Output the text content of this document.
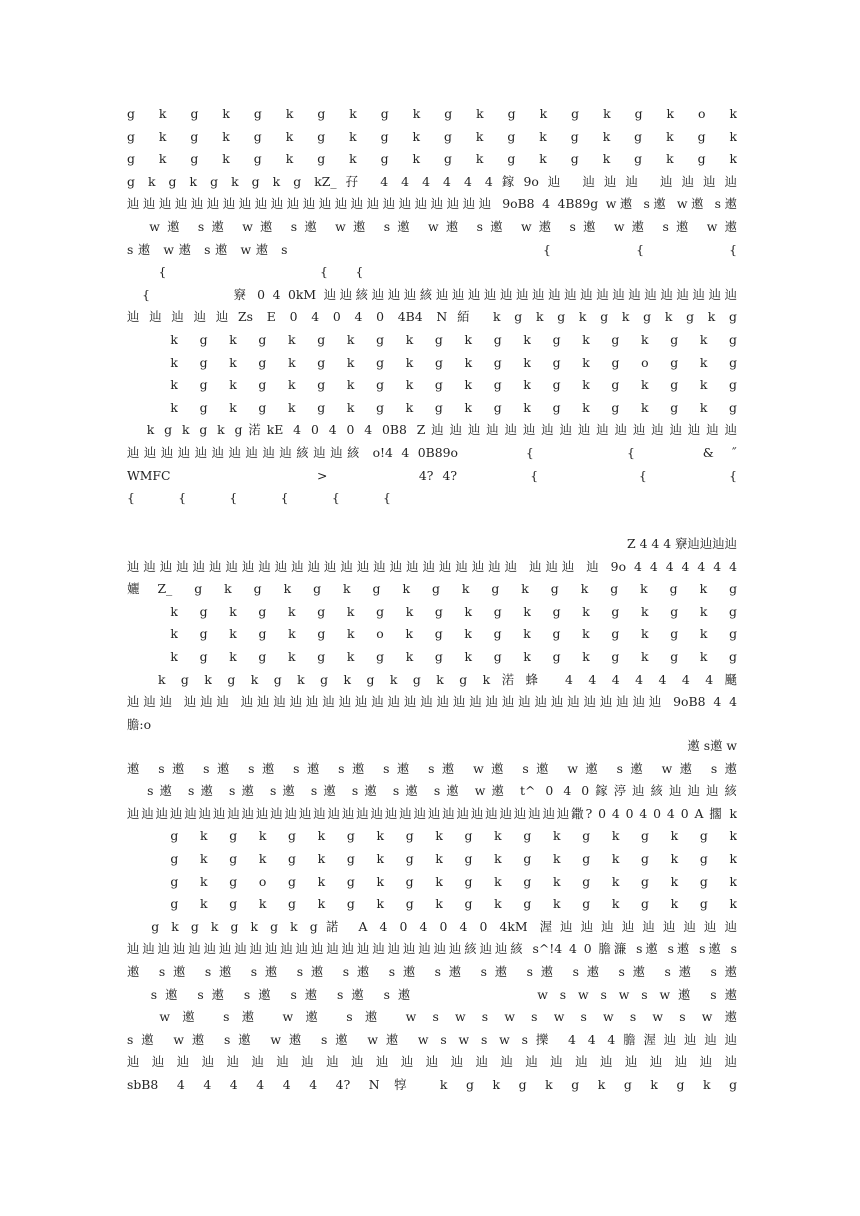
g k g k g k g k g k g k g k g k g k o k
g k g k g k g k g k g k g k g k g k g k
g k g k g k g k g k g k g k g k g k g k
g k g k g k g k g kZ_孖 4 4 4 4 4 4鎵9o辿 辿辿辿 辿辿辿辿
辿辿辿辿辿辿辿辿辿辿辿辿辿辿辿辿辿辿辿辿辿辿辿 9oB8 4 4B89g w遫 s遫 w遫 s遫
w遫 s遫 w遫 s遫 w遫 s遫 w遫 s遫 w遫 s遫 w遫 s遫 w遫
s遫 w遫 s遫 w遫 s                              {          {          {
{                                       {       {
{           竂 0 4 0kM 辿辿絯辿辿辿絯辿辿辿辿辿辿辿辿辿辿辿辿辿辿辿辿辿辿辿
辿辿辿辿辿Zs E 0 4 0 4 0 4B4 N絔 k g k g k g k g k g k g
k g k g k g k g k g k g k g k g k g k g
k g k g k g k g k g k g k g k g o g k g
k g k g k g k g k g k g k g k g k g k g
k g k g k g k g k g k g k g k g k g k g
k g k g k g渃kE 4 0 4 0 4 0B8 Z辿辿辿辿辿辿辿辿辿辿辿辿辿辿辿辿辿
辿辿辿辿辿辿辿辿辿辿絯辿辿絯 o!4 4 0B89o        {           {        &  ˝
WMFC                >          4? 4?        {           {         {
{           {           {           {           {           {
Z 4 4 4 竂辿辿辿辿
辿辿辿辿辿辿辿辿辿辿辿辿辿辿辿辿辿辿辿辿辿辿辿辿 辿辿辿 辿 9o 4 4 4 4 4 4 4
孋Z_ g k g k g k g k g k g k g k g k g k g
k g k g k g k g k g k g k g k g k g k g
k g k g k g k o k g k g k g k g k g k g
k g k g k g k g k g k g k g k g k g k g
k g k g k g k g k g k g k g k渃蜂 4 4 4 4 4 4 4颾
辿辿辿 辿辿辿 辿辿辿辿辿辿辿辿辿辿辿辿辿辿辿辿辿辿辿辿辿辿辿辿辿辿 9oB8 4 4
膽:o
遫 s遫 w
遫 s遫 s遫 s遫 s遫 s遫 s遫 s遫 w遫 s遫 w遫 s遫 w遫 s遫
s遫 s遫 s遫 s遫 s遫 s遫 s遫 s遫 w遫 t^ 0 4 0鎵渟辿絯辿辿辿絯
辿辿辿辿辿辿辿辿辿辿辿辿辿辿辿辿辿辿辿辿辿辿辿辿辿辿辿辿辿辿辿鏾? 0 4 0 4 0 4 0 A 擱 k
g k g k g k g k g k g k g k g k g k g k
g k g k g k g k g k g k g k g k g k g k
g k g o g k g k g k g k g k g k g k g k
g k g k g k g k g k g k g k g k g k g k
g k g k g k g k g諾 A 4 0 4 0 4 0 4kM 渥辿辿辿辿辿辿辿辿辿
辿辿辿辿辿辿辿辿辿辿辿辿辿辿辿辿辿辿辿辿辿辿絯辿辿絯 s^!4 4 0 膽濂 s遫 s遫 s遫 s
遫 s遫 s遫 s遫 s遫 s遫 s遫 s遫 s遫 s遫 s遫 s遫 s遫 s遫
s遫 s遫 s遫 s遫 s遫 s遫          w s w s w s w遫 s遫
w遫 s遫 w遫 s遫 w s w s w s w s w s w s w遫
s遫 w遫 s遫 w遫 s遫 w遫 w s w s w s擽 4 4 4膽渥辿辿辿辿
辿 辿 辿 辿 辿 辿 辿 辿 辿 辿 辿 辿 辿 辿 辿 辿 辿 辿 辿 辿 辿 辿 辿 辿 辿
sbB8 4 4 4 4 4 4 4? N犉 k g k g k g k g k g k g
